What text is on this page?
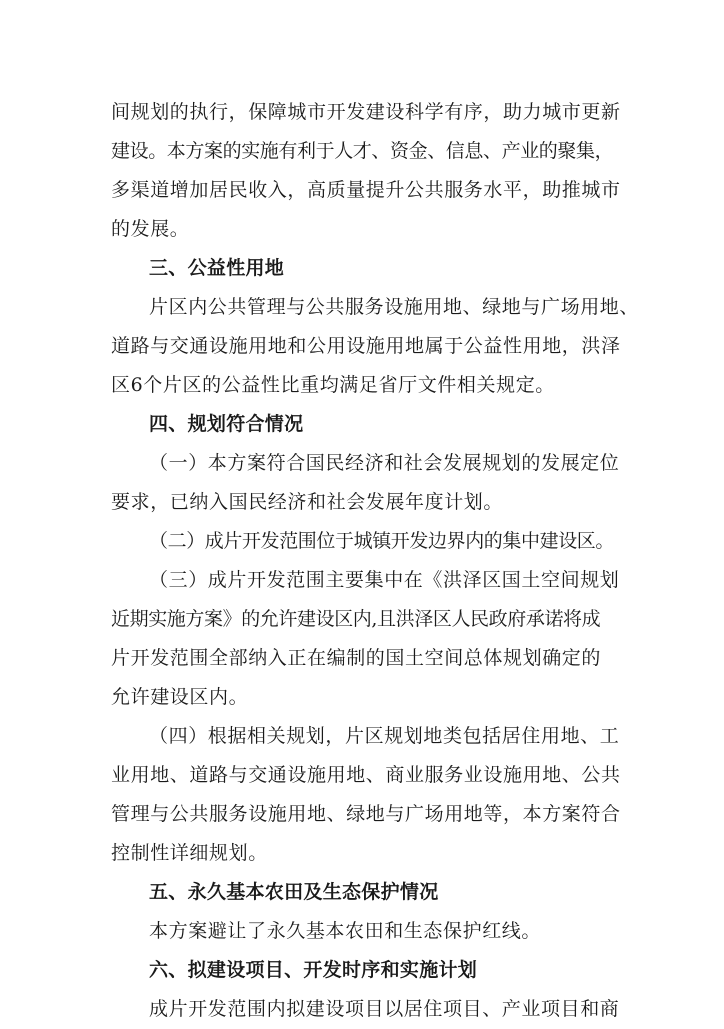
间规划的执行，保障城市开发建设科学有序，助力城市更新
建设。本方案的实施有利于人才、资金、信息、产业的聚集，
多渠道增加居民收入，高质量提升公共服务水平，助推城市
的发展。
三、公益性用地
片区内公共管理与公共服务设施用地、绿地与广场用地、
道路与交通设施用地和公用设施用地属于公益性用地，洪泽
区6个片区的公益性比重均满足省厅文件相关规定。
四、规划符合情况
（一）本方案符合国民经济和社会发展规划的发展定位
要求，已纳入国民经济和社会发展年度计划。
（二）成片开发范围位于城镇开发边界内的集中建设区。
（三）成片开发范围主要集中在《洪泽区国土空间规划
近期实施方案》的允许建设区内,且洪泽区人民政府承诺将成
片开发范围全部纳入正在编制的国土空间总体规划确定的
允许建设区内。
（四）根据相关规划，片区规划地类包括居住用地、工
业用地、道路与交通设施用地、商业服务业设施用地、公共
管理与公共服务设施用地、绿地与广场用地等，本方案符合
控制性详细规划。
五、永久基本农田及生态保护情况
本方案避让了永久基本农田和生态保护红线。
六、拟建设项目、开发时序和实施计划
成片开发范围内拟建设项目以居住项目、产业项目和商
